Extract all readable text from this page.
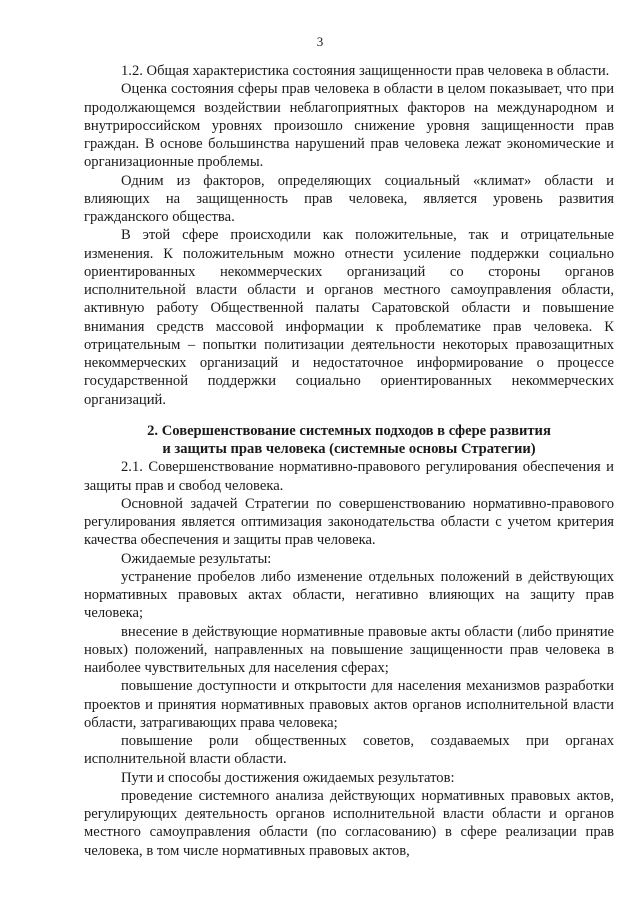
3

1.2. Общая характеристика состояния защищенности прав человека в области.

Оценка состояния сферы прав человека в области в целом показывает, что при продолжающемся воздействии неблагоприятных факторов на международном и внутрироссийском уровнях произошло снижение уровня защищенности прав граждан. В основе большинства нарушений прав человека лежат экономические и организационные проблемы.

Одним из факторов, определяющих социальный «климат» области и влияющих на защищенность прав человека, является уровень развития гражданского общества.

В этой сфере происходили как положительные, так и отрицательные изменения. К положительным можно отнести усиление поддержки социально ориентированных некоммерческих организаций со стороны органов исполнительной власти области и органов местного самоуправления области, активную работу Общественной палаты Саратовской области и повышение внимания средств массовой информации к проблематике прав человека. К отрицательным – попытки политизации деятельности некоторых правозащитных некоммерческих организаций и недостаточное информирование о процессе государственной поддержки социально ориентированных некоммерческих организаций.

2. Совершенствование системных подходов в сфере развития
и защиты прав человека (системные основы Стратегии)

2.1. Совершенствование нормативно-правового регулирования обеспечения и защиты прав и свобод человека.

Основной задачей Стратегии по совершенствованию нормативно-правового регулирования является оптимизация законодательства области с учетом критерия качества обеспечения и защиты прав человека.

Ожидаемые результаты:

устранение пробелов либо изменение отдельных положений в действующих нормативных правовых актах области, негативно влияющих на защиту прав человека;

внесение в действующие нормативные правовые акты области (либо принятие новых) положений, направленных на повышение защищенности прав человека в наиболее чувствительных для населения сферах;

повышение доступности и открытости для населения механизмов разработки проектов и принятия нормативных правовых актов органов исполнительной власти области, затрагивающих права человека;

повышение роли общественных советов, создаваемых при органах исполнительной власти области.

Пути и способы достижения ожидаемых результатов:

проведение системного анализа действующих нормативных правовых актов, регулирующих деятельность органов исполнительной власти области и органов местного самоуправления области (по согласованию) в сфере реализации прав человека, в том числе нормативных правовых актов,
